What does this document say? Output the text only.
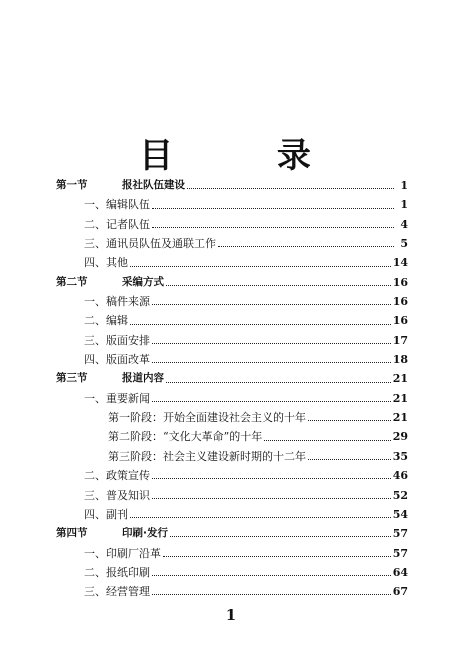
目 录
第一节	报社队伍建设	1
一、编辑队伍	1
二、记者队伍	4
三、通讯员队伍及通联工作	5
四、其他	14
第二节	采编方式	16
一、稿件来源	16
二、编辑	16
三、版面安排	17
四、版面改革	18
第三节	报道内容	21
一、重要新闻	21
第一阶段：开始全面建设社会主义的十年	21
第二阶段：“文化大革命”的十年	29
第三阶段：社会主义建设新时期的十二年	35
二、政策宣传	46
三、普及知识	52
四、副刊	54
第四节	印刷·发行	57
一、印刷厂沿革	57
二、报纸印刷	64
三、经营管理	67
1
